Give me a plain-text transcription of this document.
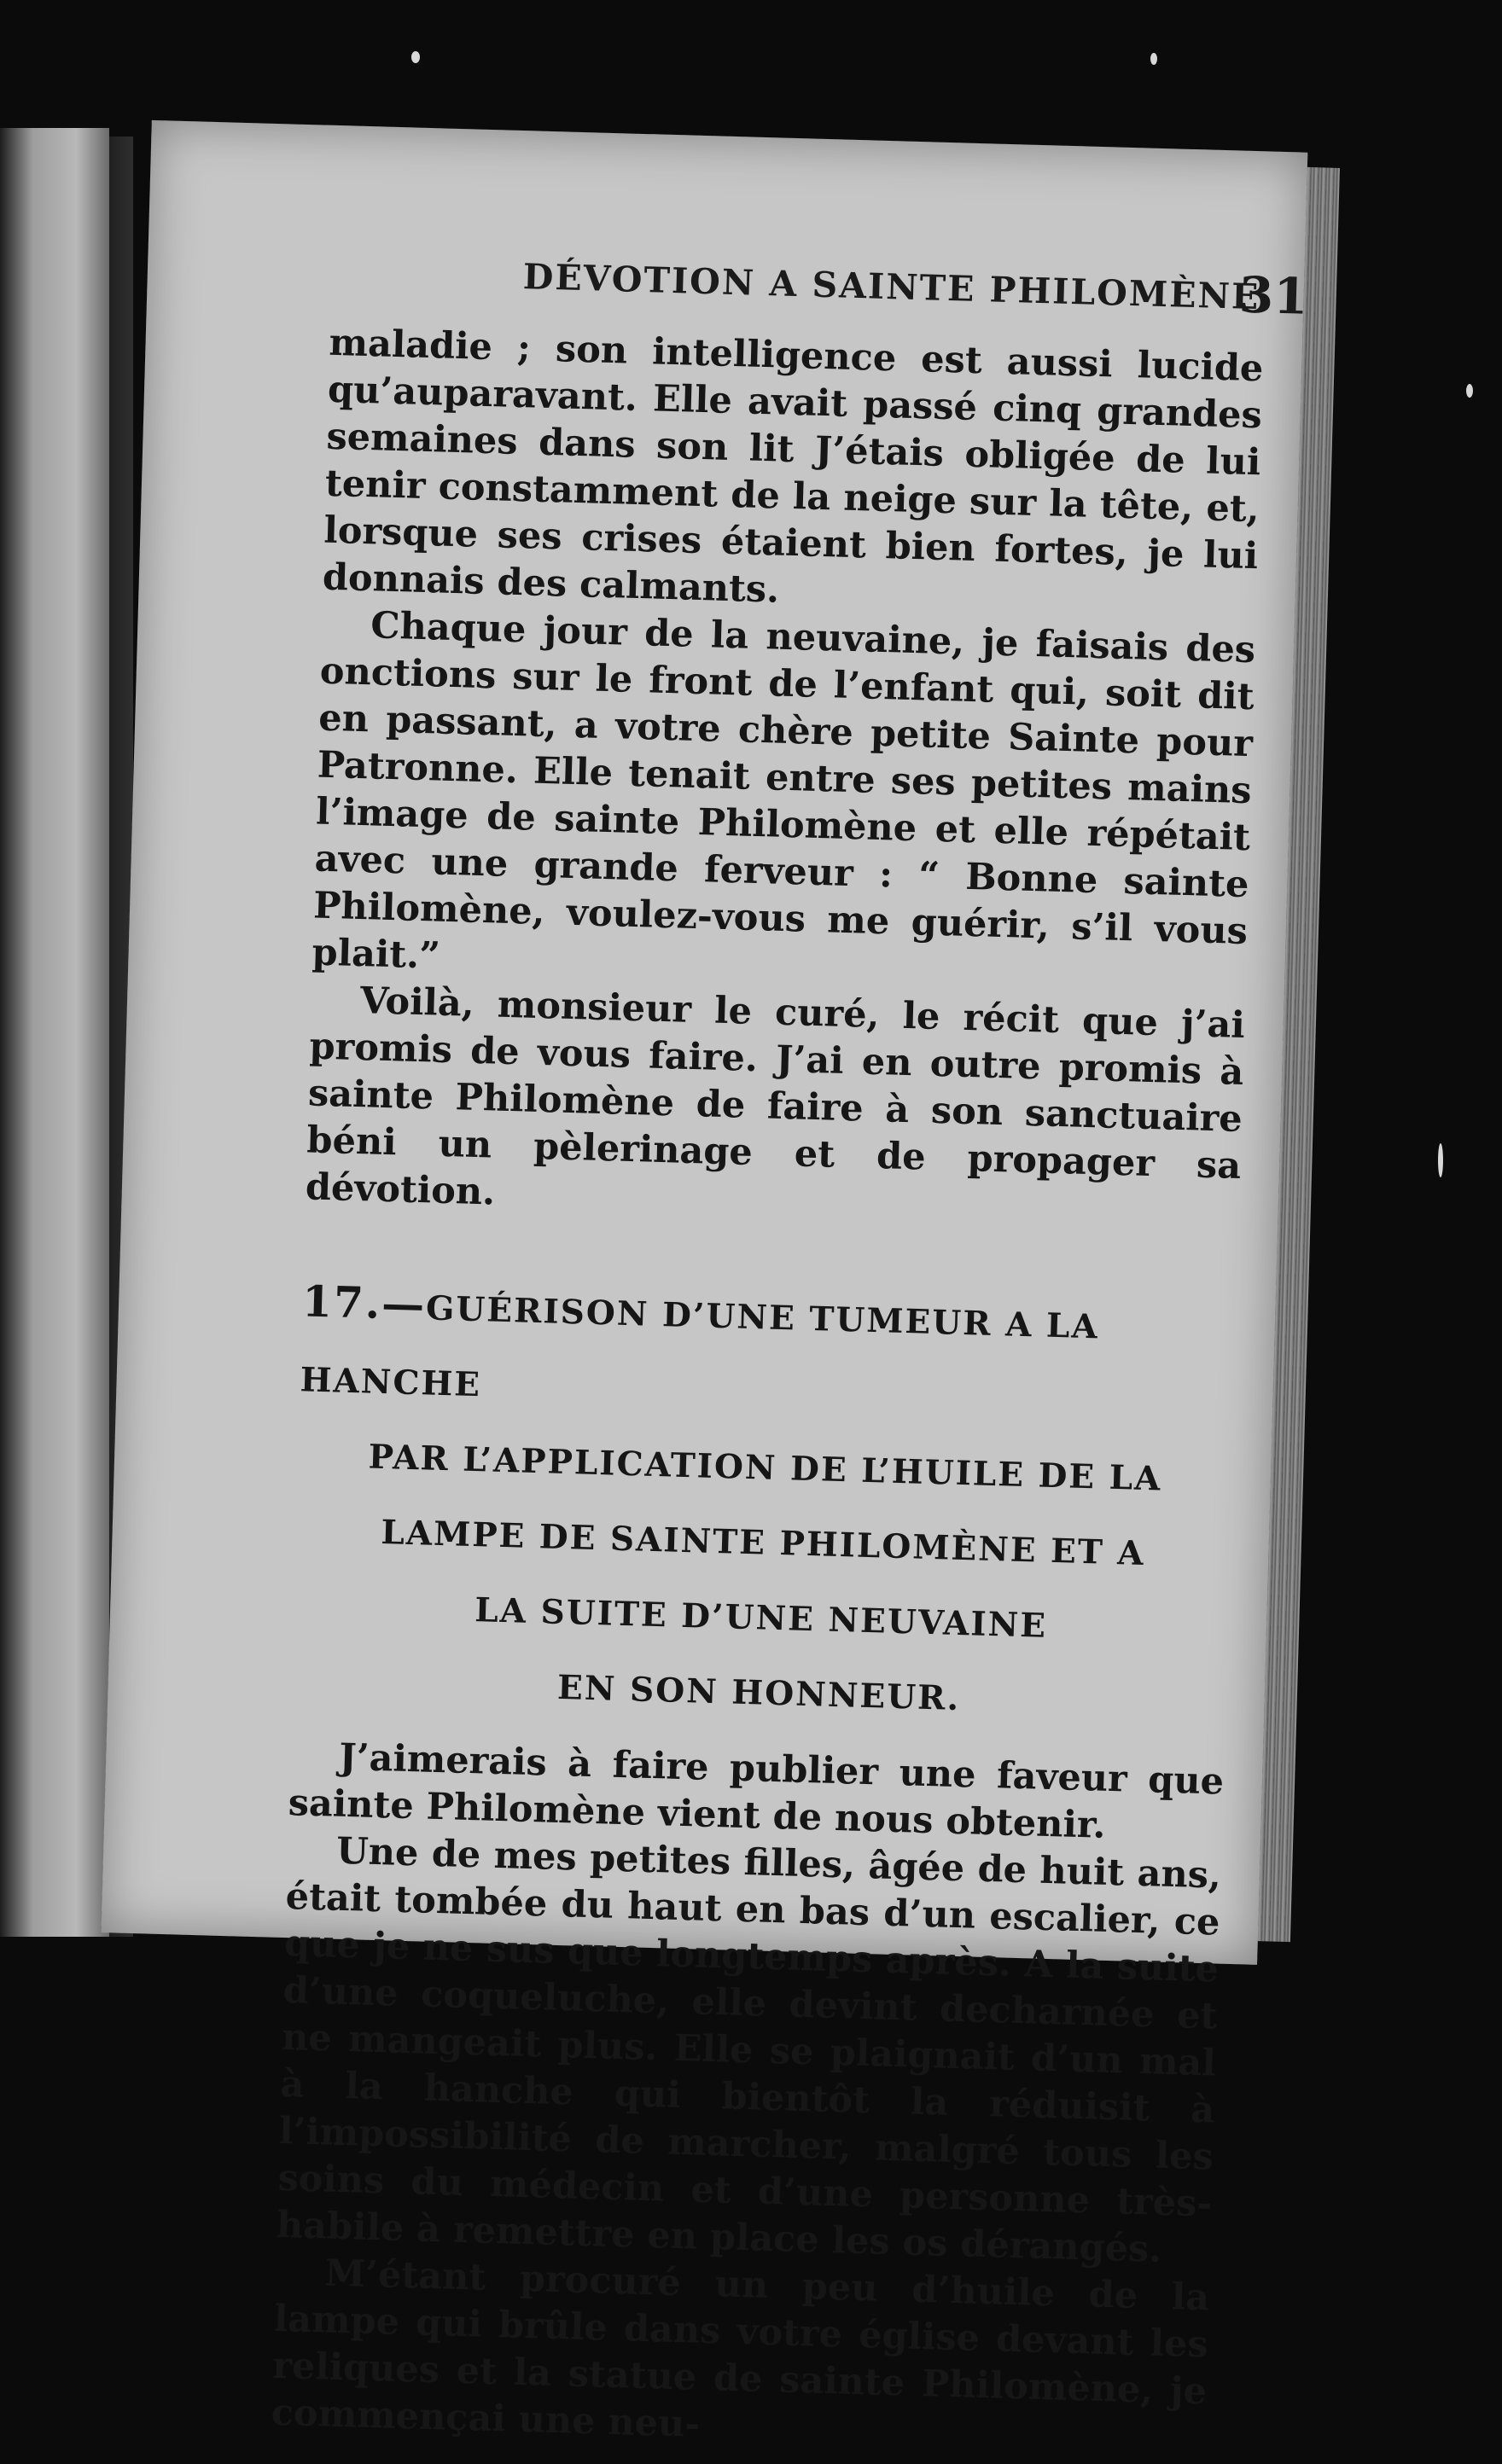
DÉVOTION A SAINTE PHILOMÈNE
31

maladie ; son intelligence est aussi lucide qu’auparavant. Elle avait passé cinq grandes semaines dans son lit J’étais obligée de lui tenir constamment de la neige sur la tête, et, lorsque ses crises étaient bien fortes, je lui donnais des calmants.

Chaque jour de la neuvaine, je faisais des onctions sur le front de l’enfant qui, soit dit en passant, a votre chère petite Sainte pour Patronne. Elle tenait entre ses petites mains l’image de sainte Philomène et elle répétait avec une grande ferveur : “ Bonne sainte Philomène, voulez-vous me guérir, s’il vous plait.”

Voilà, monsieur le curé, le récit que j’ai promis de vous faire. J’ai en outre promis à sainte Philomène de faire à son sanctuaire béni un pèlerinage et de propager sa dévotion.

17.—GUÉRISON D’UNE TUMEUR A LA HANCHE
PAR L’APPLICATION DE L’HUILE DE LA
LAMPE DE SAINTE PHILOMÈNE ET A
LA SUITE D’UNE NEUVAINE
EN SON HONNEUR.

J’aimerais à faire publier une faveur que sainte Philomène vient de nous obtenir.

Une de mes petites filles, âgée de huit ans, était tombée du haut en bas d’un escalier, ce que je ne sus que longtemps après. A la suite d’une coqueluche, elle devint decharnée et ne mangeait plus. Elle se plaignait d’un mal à la hanche qui bientôt la réduisit à l’impossibilité de marcher, malgré tous les soins du médecin et d’une personne très-habile à remettre en place les os dérangés.

M’étant procuré un peu d’huile de la lampe qui brûle dans votre église devant les reliques et la statue de sainte Philomène, je commençai une neu-
